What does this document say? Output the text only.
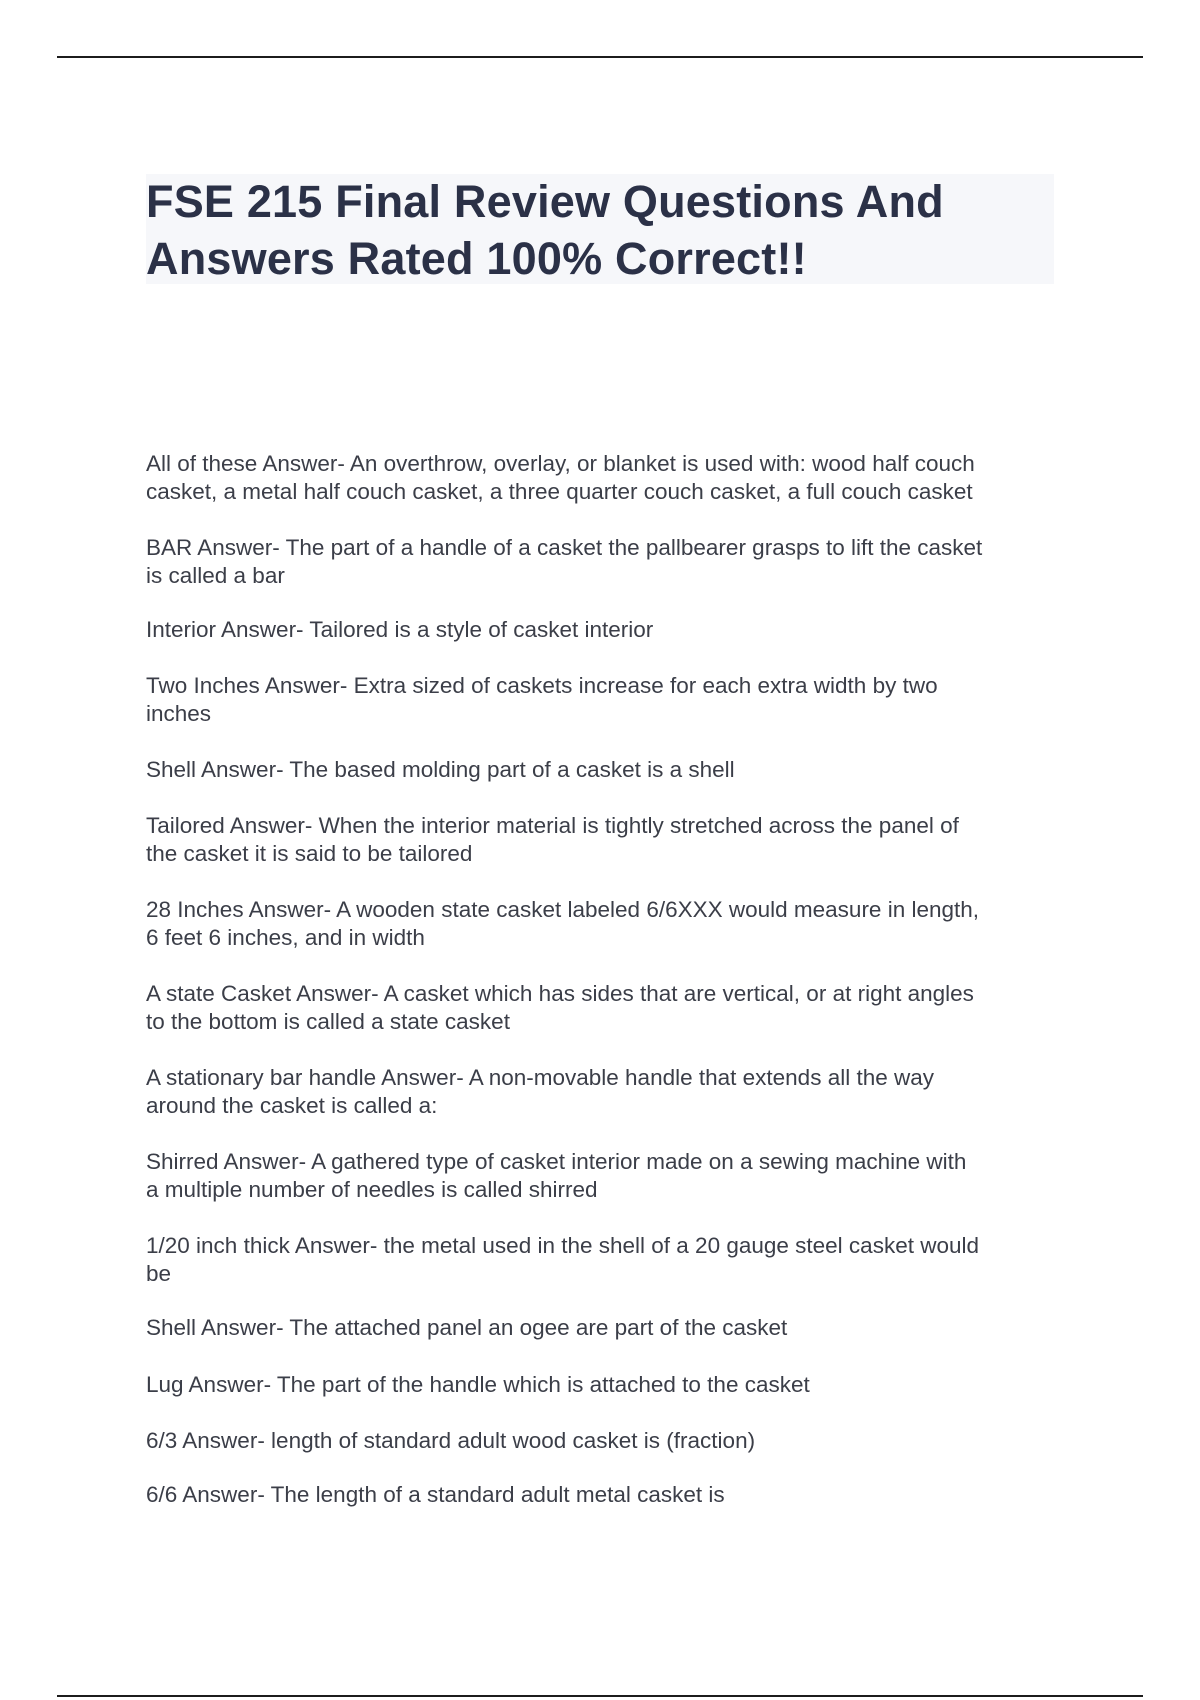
FSE 215 Final Review Questions And
Answers Rated 100% Correct!!
All of these Answer- An overthrow, overlay, or blanket is used with: wood half couch
casket, a metal half couch casket, a three quarter couch casket, a full couch casket
BAR Answer- The part of a handle of a casket the pallbearer grasps to lift the casket
is called a bar
Interior Answer- Tailored is a style of casket interior
Two Inches Answer- Extra sized of caskets increase for each extra width by two
inches
Shell Answer- The based molding part of a casket is a shell
Tailored Answer- When the interior material is tightly stretched across the panel of
the casket it is said to be tailored
28 Inches Answer- A wooden state casket labeled 6/6XXX would measure in length,
6 feet 6 inches, and in width
A state Casket Answer- A casket which has sides that are vertical, or at right angles
to the bottom is called a state casket
A stationary bar handle Answer- A non-movable handle that extends all the way
around the casket is called a:
Shirred Answer- A gathered type of casket interior made on a sewing machine with
a multiple number of needles is called shirred
1/20 inch thick Answer- the metal used in the shell of a 20 gauge steel casket would
be
Shell Answer- The attached panel an ogee are part of the casket
Lug Answer- The part of the handle which is attached to the casket
6/3 Answer- length of standard adult wood casket is (fraction)
6/6 Answer- The length of a standard adult metal casket is
